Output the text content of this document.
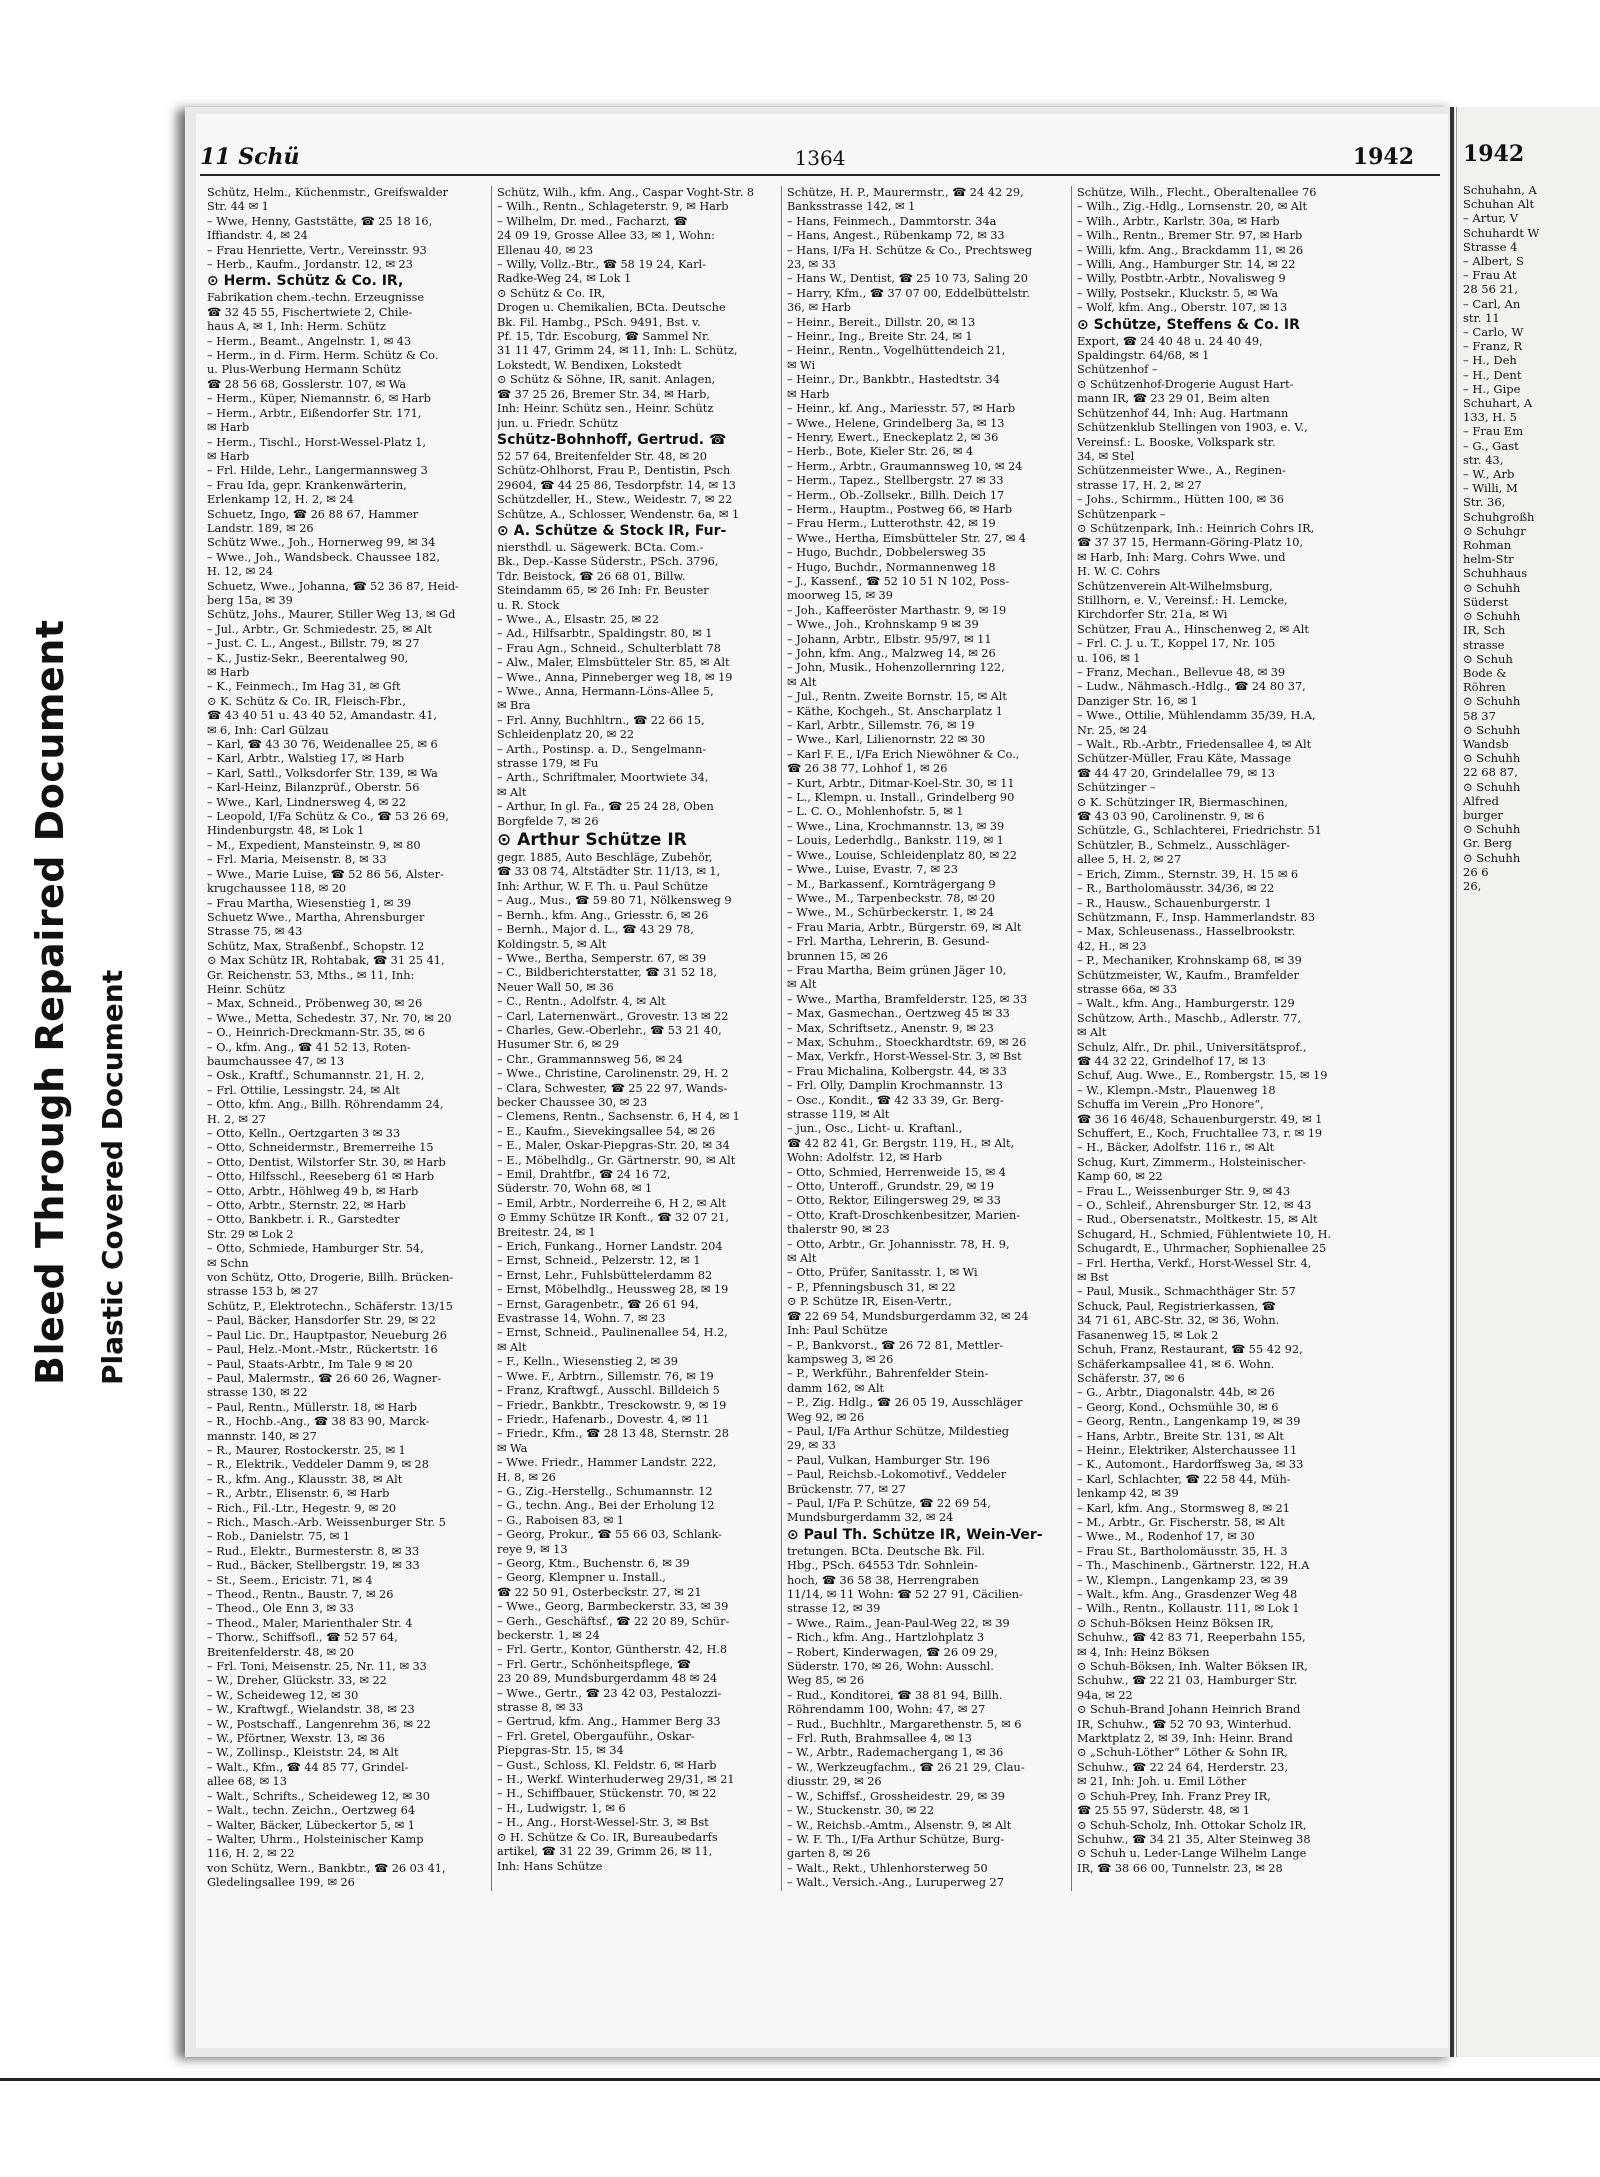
Bleed Through Repaired Document Plastic Covered Document
11 Schü	1364	1942
Schütz, Helm., Küchenmstr., Greifswalder
Str. 44 ✉ 1
– Wwe, Henny, Gaststätte, ☎ 25 18 16,
Iffiandstr. 4, ✉ 24
– Frau Henriette, Vertr., Vereinsstr. 93
– Herb., Kaufm., Jordanstr. 12, ✉ 23
⊙ Herm. Schütz & Co. IR,
Fabrikation chem.-techn. Erzeugnisse
☎ 32 45 55, Fischertwiete 2, Chile-
haus A, ✉ 1, Inh: Herm. Schütz
– Herm., Beamt., Angelnstr. 1, ✉ 43
– Herm., in d. Firm. Herm. Schütz & Co.
u. Plus-Werbung Hermann Schütz
☎ 28 56 68, Gosslerstr. 107, ✉ Wa
– Herm., Küper, Niemannstr. 6, ✉ Harb
– Herm., Arbtr., Eißendorfer Str. 171,
✉ Harb
– Herm., Tischl., Horst-Wessel-Platz 1,
✉ Harb
– Frl. Hilde, Lehr., Langermannsweg 3
– Frau Ida, gepr. Krankenwärterin,
Erlenkamp 12, H. 2, ✉ 24
Schuetz, Ingo, ☎ 26 88 67, Hammer
Landstr. 189, ✉ 26
Schütz Wwe., Joh., Hornerweg 99, ✉ 34
– Wwe., Joh., Wandsbeck. Chaussee 182,
H. 12, ✉ 24
Schuetz, Wwe., Johanna, ☎ 52 36 87, Heid-
berg 15a, ✉ 39
Schütz, Johs., Maurer, Stiller Weg 13, ✉ Gd
– Jul., Arbtr., Gr. Schmiedestr. 25, ✉ Alt
– Just. C. L., Angest., Billstr. 79, ✉ 27
– K., Justiz-Sekr., Beerentalweg 90,
✉ Harb
– K., Feinmech., Im Hag 31, ✉ Gft
⊙ K. Schütz & Co. IR, Fleisch-Fbr.,
☎ 43 40 51 u. 43 40 52, Amandastr. 41,
✉ 6, Inh: Carl Gülzau
– Karl, ☎ 43 30 76, Weidenallee 25, ✉ 6
– Karl, Arbtr., Walstieg 17, ✉ Harb
– Karl, Sattl., Volksdorfer Str. 139, ✉ Wa
– Karl-Heinz, Bilanzprüf., Oberstr. 56
– Wwe., Karl, Lindnersweg 4, ✉ 22
– Leopold, I/Fa Schütz & Co., ☎ 53 26 69,
Hindenburgstr. 48, ✉ Lok 1
– M., Expedient, Mansteinstr. 9, ✉ 80
– Frl. Maria, Meisenstr. 8, ✉ 33
– Wwe., Marie Luise, ☎ 52 86 56, Alster-
krugchaussee 118, ✉ 20
– Frau Martha, Wiesenstieg 1, ✉ 39
Schuetz Wwe., Martha, Ahrensburger
Strasse 75, ✉ 43
Schütz, Max, Straßenbf., Schopstr. 12
⊙ Max Schütz IR, Rohtabak, ☎ 31 25 41,
Gr. Reichenstr. 53, Mths., ✉ 11, Inh:
Heinr. Schütz
– Max, Schneid., Pröbenweg 30, ✉ 26
– Wwe., Metta, Schedestr. 37, Nr. 70, ✉ 20
– O., Heinrich-Dreckmann-Str. 35, ✉ 6
– O., kfm. Ang., ☎ 41 52 13, Roten-
baumchaussee 47, ✉ 13
– Osk., Kraftf., Schumannstr. 21, H. 2,
– Frl. Ottilie, Lessingstr. 24, ✉ Alt
– Otto, kfm. Ang., Billh. Röhrendamm 24,
H. 2, ✉ 27
– Otto, Kelln., Oertzgarten 3 ✉ 33
– Otto, Schneidermstr., Bremerreihe 15
– Otto, Dentist, Wilstorfer Str. 30, ✉ Harb
– Otto, Hilfsschl., Reeseberg 61 ✉ Harb
– Otto, Arbtr., Höhlweg 49 b, ✉ Harb
– Otto, Arbtr., Sternstr. 22, ✉ Harb
– Otto, Bankbetr. i. R., Garstedter
Str. 29 ✉ Lok 2
– Otto, Schmiede, Hamburger Str. 54,
✉ Schn
von Schütz, Otto, Drogerie, Billh. Brücken-
strasse 153 b, ✉ 27
Schütz, P., Elektrotechn., Schäferstr. 13/15
– Paul, Bäcker, Hansdorfer Str. 29, ✉ 22
– Paul Lic. Dr., Hauptpastor, Neueburg 26
– Paul, Helz.-Mont.-Mstr., Rückertstr. 16
– Paul, Staats-Arbtr., Im Tale 9 ✉ 20
– Paul, Malermstr., ☎ 26 60 26, Wagner-
strasse 130, ✉ 22
– Paul, Rentn., Müllerstr. 18, ✉ Harb
– R., Hochb.-Ang., ☎ 38 83 90, Marck-
mannstr. 140, ✉ 27
– R., Maurer, Rostockerstr. 25, ✉ 1
– R., Elektrik., Veddeler Damm 9, ✉ 28
– R., kfm. Ang., Klausstr. 38, ✉ Alt
– R., Arbtr., Elisenstr. 6, ✉ Harb
– Rich., Fil.-Ltr., Hegestr. 9, ✉ 20
– Rich., Masch.-Arb. Weissenburger Str. 5
– Rob., Danielstr. 75, ✉ 1
– Rud., Elektr., Burmesterstr. 8, ✉ 33
– Rud., Bäcker, Stellbergstr. 19, ✉ 33
– St., Seem., Ericistr. 71, ✉ 4
– Theod., Rentn., Baustr. 7, ✉ 26
– Theod., Ole Enn 3, ✉ 33
– Theod., Maler, Marienthaler Str. 4
– Thorw., Schiffsofl., ☎ 52 57 64,
Breitenfelderstr. 48, ✉ 20
– Frl. Toni, Meisenstr. 25, Nr. 11, ✉ 33
– W., Dreher, Glückstr. 33, ✉ 22
– W., Scheideweg 12, ✉ 30
– W., Kraftwgf., Wielandstr. 38, ✉ 23
– W., Postschaff., Langenrehm 36, ✉ 22
– W., Pförtner, Wexstr. 13, ✉ 36
– W., Zollinsp., Kleiststr. 24, ✉ Alt
– Walt., Kfm., ☎ 44 85 77, Grindel-
allee 68, ✉ 13
– Walt., Schrifts., Scheideweg 12, ✉ 30
– Walt., techn. Zeichn., Oertzweg 64
– Walter, Bäcker, Lübeckertor 5, ✉ 1
– Walter, Uhrm., Holsteinischer Kamp
116, H. 2, ✉ 22
von Schütz, Wern., Bankbtr., ☎ 26 03 41,
Gledelingsallee 199, ✉ 26
Schütz, Wilh., kfm. Ang., Caspar Voght-Str. 8
– Wilh., Rentn., Schlageterstr. 9, ✉ Harb
– Wilhelm, Dr. med., Facharzt, ☎
24 09 19, Grosse Allee 33, ✉ 1, Wohn:
Ellenau 40, ✉ 23
– Willy, Vollz.-Btr., ☎ 58 19 24, Karl-
Radke-Weg 24, ✉ Lok 1
⊙ Schütz & Co. IR,
Drogen u. Chemikalien, BCta. Deutsche
Bk. Fil. Hambg., PSch. 9491, Bst. v.
Pf. 15, Tdr. Escoburg, ☎ Sammel Nr.
31 11 47, Grimm 24, ✉ 11, Inh: L. Schütz,
Lokstedt, W. Bendixen, Lokstedt
⊙ Schütz & Söhne, IR, sanit. Anlagen,
☎ 37 25 26, Bremer Str. 34, ✉ Harb,
Inh: Heinr. Schütz sen., Heinr. Schütz
jun. u. Friedr. Schütz
Schütz-Bohnhoff, Gertrud. ☎
52 57 64, Breitenfelder Str. 48, ✉ 20
Schütz-Ohlhorst, Frau P., Dentistin, Psch
29604, ☎ 44 25 86, Tesdorpfstr. 14, ✉ 13
Schützdeller, H., Stew., Weidestr. 7, ✉ 22
Schütze, A., Schlosser, Wendenstr. 6a, ✉ 1
⊙ A. Schütze & Stock IR, Fur-
niersthdl. u. Sägewerk. BCta. Com.-
Bk., Dep.-Kasse Süderstr., PSch. 3796,
Tdr. Beistock, ☎ 26 68 01, Billw.
Steindamm 65, ✉ 26 Inh: Fr. Beuster
u. R. Stock
– Wwe., A., Elsastr. 25, ✉ 22
– Ad., Hilfsarbtr., Spaldingstr. 80, ✉ 1
– Frau Agn., Schneid., Schulterblatt 78
– Alw., Maler, Elmsbütteler Str. 85, ✉ Alt
– Wwe., Anna, Pinneberger weg 18, ✉ 19
– Wwe., Anna, Hermann-Löns-Allee 5,
✉ Bra
– Frl. Anny, Buchhltrn., ☎ 22 66 15,
Schleidenplatz 20, ✉ 22
– Arth., Postinsp. a. D., Sengelmann-
strasse 179, ✉ Fu
– Arth., Schriftmaler, Moortwiete 34,
✉ Alt
– Arthur, In gl. Fa., ☎ 25 24 28, Oben
Borgfelde 7, ✉ 26
⊙ Arthur Schütze IR
gegr. 1885, Auto Beschläge, Zubehör,
☎ 33 08 74, Altstädter Str. 11/13, ✉ 1,
Inh: Arthur, W. F. Th. u. Paul Schütze
– Aug., Mus., ☎ 59 80 71, Nölkensweg 9
– Bernh., kfm. Ang., Griesstr. 6, ✉ 26
– Bernh., Major d. L., ☎ 43 29 78,
Koldingstr. 5, ✉ Alt
– Wwe., Bertha, Semperstr. 67, ✉ 39
– C., Bildberichterstatter, ☎ 31 52 18,
Neuer Wall 50, ✉ 36
– C., Rentn., Adolfstr. 4, ✉ Alt
– Carl, Laternenwärt., Grovestr. 13 ✉ 22
– Charles, Gew.-Oberlehr., ☎ 53 21 40,
Husumer Str. 6, ✉ 29
– Chr., Grammannsweg 56, ✉ 24
– Wwe., Christine, Carolinenstr. 29, H. 2
– Clara, Schwester, ☎ 25 22 97, Wands-
becker Chaussee 30, ✉ 23
– Clemens, Rentn., Sachsenstr. 6, H 4, ✉ 1
– E., Kaufm., Sievekingsallee 54, ✉ 26
– E., Maler, Oskar-Piepgras-Str. 20, ✉ 34
– E., Möbelhdlg., Gr. Gärtnerstr. 90, ✉ Alt
– Emil, Drahtfbr., ☎ 24 16 72,
Süderstr. 70, Wohn 68, ✉ 1
– Emil, Arbtr., Norderreihe 6, H 2, ✉ Alt
⊙ Emmy Schütze IR Konft., ☎ 32 07 21,
Breitestr. 24, ✉ 1
– Erich, Funkang., Horner Landstr. 204
– Ernst, Schneid., Pelzerstr. 12, ✉ 1
– Ernst, Lehr., Fuhlsbüttelerdamm 82
– Ernst, Möbelhdlg., Heussweg 28, ✉ 19
– Ernst, Garagenbetr., ☎ 26 61 94,
Evastrasse 14, Wohn. 7, ✉ 23
– Ernst, Schneid., Paulinenallee 54, H.2,
✉ Alt
– F., Kelln., Wiesenstieg 2, ✉ 39
– Wwe. F., Arbtrn., Sillemstr. 76, ✉ 19
– Franz, Kraftwgf., Ausschl. Billdeich 5
– Friedr., Bankbtr., Tresckowstr. 9, ✉ 19
– Friedr., Hafenarb., Dovestr. 4, ✉ 11
– Friedr., Kfm., ☎ 28 13 48, Sternstr. 28
✉ Wa
– Wwe. Friedr., Hammer Landstr. 222,
H. 8, ✉ 26
– G., Zig.-Herstellg., Schumannstr. 12
– G., techn. Ang., Bei der Erholung 12
– G., Raboisen 83, ✉ 1
– Georg, Prokur., ☎ 55 66 03, Schlank-
reye 9, ✉ 13
– Georg, Ktm., Buchenstr. 6, ✉ 39
– Georg, Klempner u. Install.,
☎ 22 50 91, Osterbeckstr. 27, ✉ 21
– Wwe., Georg, Barmbeckerstr. 33, ✉ 39
– Gerh., Geschäftsf., ☎ 22 20 89, Schür-
beckerstr. 1, ✉ 24
– Frl. Gertr., Kontor, Güntherstr. 42, H.8
– Frl. Gertr., Schönheitspflege, ☎
23 20 89, Mundsburgerdamm 48 ✉ 24
– Wwe., Gertr., ☎ 23 42 03, Pestalozzi-
strasse 8, ✉ 33
– Gertrud, kfm. Ang., Hammer Berg 33
– Frl. Gretel, Obergauführ., Oskar-
Piepgras-Str. 15, ✉ 34
– Gust., Schloss, Kl. Feldstr. 6, ✉ Harb
– H., Werkf. Winterhuderweg 29/31, ✉ 21
– H., Schiffbauer, Stückenstr. 70, ✉ 22
– H., Ludwigstr. 1, ✉ 6
– H., Ang., Horst-Wessel-Str. 3, ✉ Bst
⊙ H. Schütze & Co. IR, Bureaubedarfs
artikel, ☎ 31 22 39, Grimm 26, ✉ 11,
Inh: Hans Schütze
Schütze, H. P., Maurermstr., ☎ 24 42 29,
Banksstrasse 142, ✉ 1
– Hans, Feinmech., Dammtorstr. 34a
– Hans, Angest., Rübenkamp 72, ✉ 33
– Hans, I/Fa H. Schütze & Co., Prechtsweg
23, ✉ 33
– Hans W., Dentist, ☎ 25 10 73, Saling 20
– Harry, Kfm., ☎ 37 07 00, Eddelbüttelstr.
36, ✉ Harb
– Heinr., Bereit., Dillstr. 20, ✉ 13
– Heinr., Ing., Breite Str. 24, ✉ 1
– Heinr., Rentn., Vogelhüttendeich 21,
✉ Wi
– Heinr., Dr., Bankbtr., Hastedtstr. 34
✉ Harb
– Heinr., kf. Ang., Mariesstr. 57, ✉ Harb
– Wwe., Helene, Grindelberg 3a, ✉ 13
– Henry, Ewert., Eneckeplatz 2, ✉ 36
– Herb., Bote, Kieler Str. 26, ✉ 4
– Herm., Arbtr., Graumannsweg 10, ✉ 24
– Herm., Tapez., Stellbergstr. 27 ✉ 33
– Herm., Ob.-Zollsekr., Billh. Deich 17
– Herm., Hauptm., Postweg 66, ✉ Harb
– Frau Herm., Lutterothstr. 42, ✉ 19
– Wwe., Hertha, Eimsbütteler Str. 27, ✉ 4
– Hugo, Buchdr., Dobbelersweg 35
– Hugo, Buchdr., Normannenweg 18
– J., Kassenf., ☎ 52 10 51 N 102, Poss-
moorweg 15, ✉ 39
– Joh., Kaffeeröster Marthastr. 9, ✉ 19
– Wwe., Joh., Krohnskamp 9 ✉ 39
– Johann, Arbtr., Elbstr. 95/97, ✉ 11
– John, kfm. Ang., Malzweg 14, ✉ 26
– John, Musik., Hohenzollernring 122,
✉ Alt
– Jul., Rentn. Zweite Bornstr. 15, ✉ Alt
– Käthe, Kochgeh., St. Anscharplatz 1
– Karl, Arbtr., Sillemstr. 76, ✉ 19
– Wwe., Karl, Lilienornstr. 22 ✉ 30
– Karl F. E., I/Fa Erich Niewöhner & Co.,
☎ 26 38 77, Lohhof 1, ✉ 26
– Kurt, Arbtr., Ditmar-Koel-Str. 30, ✉ 11
– L., Klempn. u. Install., Grindelberg 90
– L. C. O., Mohlenhofstr. 5, ✉ 1
– Wwe., Lina, Krochmannstr. 13, ✉ 39
– Louis, Lederhdlg., Bankstr. 119, ✉ 1
– Wwe., Louise, Schleidenplatz 80, ✉ 22
– Wwe., Luise, Evastr. 7, ✉ 23
– M., Barkassenf., Kornträgergang 9
– Wwe., M., Tarpenbeckstr. 78, ✉ 20
– Wwe., M., Schürbeckerstr. 1, ✉ 24
– Frau Maria, Arbtr., Bürgerstr. 69, ✉ Alt
– Frl. Martha, Lehrerin, B. Gesund-
brunnen 15, ✉ 26
– Frau Martha, Beim grünen Jäger 10,
✉ Alt
– Wwe., Martha, Bramfelderstr. 125, ✉ 33
– Max, Gasmechan., Oertzweg 45 ✉ 33
– Max, Schriftsetz., Anenstr. 9, ✉ 23
– Max, Schuhm., Stoeckhardtstr. 69, ✉ 26
– Max, Verkfr., Horst-Wessel-Str. 3, ✉ Bst
– Frau Michalina, Kolbergstr. 44, ✉ 33
– Frl. Olly, Damplin Krochmannstr. 13
– Osc., Kondit., ☎ 42 33 39, Gr. Berg-
strasse 119, ✉ Alt
– jun., Osc., Licht- u. Kraftanl.,
☎ 42 82 41, Gr. Bergstr. 119, H., ✉ Alt,
Wohn: Adolfstr. 12, ✉ Harb
– Otto, Schmied, Herrenweide 15, ✉ 4
– Otto, Unteroff., Grundstr. 29, ✉ 19
– Otto, Rektor, Eilingersweg 29, ✉ 33
– Otto, Kraft-Droschkenbesitzer, Marien-
thalerstr 90, ✉ 23
– Otto, Arbtr., Gr. Johannisstr. 78, H. 9,
✉ Alt
– Otto, Prüfer, Sanitasstr. 1, ✉ Wi
– P., Pfenningsbusch 31, ✉ 22
⊙ P. Schütze IR, Eisen-Vertr.,
☎ 22 69 54, Mundsburgerdamm 32, ✉ 24
Inh: Paul Schütze
– P., Bankvorst., ☎ 26 72 81, Mettler-
kampsweg 3, ✉ 26
– P., Werkführ., Bahrenfelder Stein-
damm 162, ✉ Alt
– P., Zig. Hdlg., ☎ 26 05 19, Ausschläger
Weg 92, ✉ 26
– Paul, I/Fa Arthur Schütze, Mildestieg
29, ✉ 33
– Paul, Vulkan, Hamburger Str. 196
– Paul, Reichsb.-Lokomotivf., Veddeler
Brückenstr. 77, ✉ 27
– Paul, I/Fa P. Schütze, ☎ 22 69 54,
Mundsburgerdamm 32, ✉ 24
⊙ Paul Th. Schütze IR, Wein-Ver-
tretungen. BCta. Deutsche Bk. Fil.
Hbg., PSch. 64553 Tdr. Sohnlein-
hoch, ☎ 36 58 38, Herrengraben
11/14, ✉ 11 Wohn: ☎ 52 27 91, Cäcilien-
strasse 12, ✉ 39
– Wwe., Raim., Jean-Paul-Weg 22, ✉ 39
– Rich., kfm. Ang., Hartzlohplatz 3
– Robert, Kinderwagen, ☎ 26 09 29,
Süderstr. 170, ✉ 26, Wohn: Ausschl.
Weg 85, ✉ 26
– Rud., Konditorei, ☎ 38 81 94, Billh.
Röhrendamm 100, Wohn: 47, ✉ 27
– Rud., Buchhltr., Margarethenstr. 5, ✉ 6
– Frl. Ruth, Brahmsallee 4, ✉ 13
– W., Arbtr., Rademachergang 1, ✉ 36
– W., Werkzeugfachm., ☎ 26 21 29, Clau-
diusstr. 29, ✉ 26
– W., Schiffsf., Grossheidestr. 29, ✉ 39
– W., Stuckenstr. 30, ✉ 22
– W., Reichsb.-Amtm., Alsenstr. 9, ✉ Alt
– W. F. Th., I/Fa Arthur Schütze, Burg-
garten 8, ✉ 26
– Walt., Rekt., Uhlenhorsterweg 50
– Walt., Versich.-Ang., Luruperweg 27
Schütze, Wilh., Flecht., Oberaltenallee 76
– Wilh., Zig.-Hdlg., Lornsenstr. 20, ✉ Alt
– Wilh., Arbtr., Karlstr. 30a, ✉ Harb
– Wilh., Rentn., Bremer Str. 97, ✉ Harb
– Willi, kfm. Ang., Brackdamm 11, ✉ 26
– Willi, Ang., Hamburger Str. 14, ✉ 22
– Willy, Postbtr.-Arbtr., Novalisweg 9
– Willy, Postsekr., Kluckstr. 5, ✉ Wa
– Wolf, kfm. Ang., Oberstr. 107, ✉ 13
⊙ Schütze, Steffens & Co. IR
Export, ☎ 24 40 48 u. 24 40 49,
Spaldingstr. 64/68, ✉ 1
Schützenhof –
⊙ Schützenhof-Drogerie August Hart-
mann IR, ☎ 23 29 01, Beim alten
Schützenhof 44, Inh: Aug. Hartmann
Schützenklub Stellingen von 1903, e. V.,
Vereinsf.: L. Booske, Volkspark str.
34, ✉ Stel
Schützenmeister Wwe., A., Reginen-
strasse 17, H. 2, ✉ 27
– Johs., Schirmm., Hütten 100, ✉ 36
Schützenpark –
⊙ Schützenpark, Inh.: Heinrich Cohrs IR,
☎ 37 37 15, Hermann-Göring-Platz 10,
✉ Harb, Inh: Marg. Cohrs Wwe. und
H. W. C. Cohrs
Schützenverein Alt-Wilhelmsburg,
Stillhorn, e. V., Vereinsf.: H. Lemcke,
Kirchdorfer Str. 21a, ✉ Wi
Schützer, Frau A., Hinschenweg 2, ✉ Alt
– Frl. C. J. u. T., Koppel 17, Nr. 105
u. 106, ✉ 1
– Franz, Mechan., Bellevue 48, ✉ 39
– Ludw., Nähmasch.-Hdlg., ☎ 24 80 37,
Danziger Str. 16, ✉ 1
– Wwe., Ottilie, Mühlendamm 35/39, H.A,
Nr. 25, ✉ 24
– Walt., Rb.-Arbtr., Friedensallee 4, ✉ Alt
Schützer-Müller, Frau Käte, Massage
☎ 44 47 20, Grindelallee 79, ✉ 13
Schützinger –
⊙ K. Schützinger IR, Biermaschinen,
☎ 43 03 90, Carolinenstr. 9, ✉ 6
Schützle, G., Schlachterei, Friedrichstr. 51
Schützler, B., Schmelz., Ausschläger-
allee 5, H. 2, ✉ 27
– Erich, Zimm., Sternstr. 39, H. 15 ✉ 6
– R., Bartholomäusstr. 34/36, ✉ 22
– R., Hausw., Schauenburgerstr. 1
Schützmann, F., Insp. Hammerlandstr. 83
– Max, Schleusenass., Hasselbrookstr.
42, H., ✉ 23
– P., Mechaniker, Krohnskamp 68, ✉ 39
Schützmeister, W., Kaufm., Bramfelder
strasse 66a, ✉ 33
– Walt., kfm. Ang., Hamburgerstr. 129
Schützow, Arth., Maschb., Adlerstr. 77,
✉ Alt
Schulz, Alfr., Dr. phil., Universitätsprof.,
☎ 44 32 22, Grindelhof 17, ✉ 13
Schuf, Aug. Wwe., E., Rombergstr. 15, ✉ 19
– W., Klempn.-Mstr., Plauenweg 18
Schuffa im Verein „Pro Honore“,
☎ 36 16 46/48, Schauenburgerstr. 49, ✉ 1
Schuffert, E., Koch, Fruchtallee 73, r. ✉ 19
– H., Bäcker, Adolfstr. 116 r., ✉ Alt
Schug, Kurt, Zimmerm., Holsteinischer-
Kamp 60, ✉ 22
– Frau L., Weissenburger Str. 9, ✉ 43
– O., Schleif., Ahrensburger Str. 12, ✉ 43
– Rud., Obersenatstr., Moltkestr. 15, ✉ Alt
Schugard, H., Schmied, Fühlentwiete 10, H.
Schugardt, E., Uhrmacher, Sophienallee 25
– Frl. Hertha, Verkf., Horst-Wessel Str. 4,
✉ Bst
– Paul, Musik., Schmachthäger Str. 57
Schuck, Paul, Registrierkassen, ☎
34 71 61, ABC-Str. 32, ✉ 36, Wohn.
Fasanenweg 15, ✉ Lok 2
Schuh, Franz, Restaurant, ☎ 55 42 92,
Schäferkampsallee 41, ✉ 6. Wohn.
Schäferstr. 37, ✉ 6
– G., Arbtr., Diagonalstr. 44b, ✉ 26
– Georg, Kond., Ochsmühle 30, ✉ 6
– Georg, Rentn., Langenkamp 19, ✉ 39
– Hans, Arbtr., Breite Str. 131, ✉ Alt
– Heinr., Elektriker, Alsterchaussee 11
– K., Automont., Hardorffsweg 3a, ✉ 33
– Karl, Schlachter, ☎ 22 58 44, Müh-
lenkamp 42, ✉ 39
– Karl, kfm. Ang., Stormsweg 8, ✉ 21
– M., Arbtr., Gr. Fischerstr. 58, ✉ Alt
– Wwe., M., Rodenhof 17, ✉ 30
– Frau St., Bartholomäusstr. 35, H. 3
– Th., Maschinenb., Gärtnerstr. 122, H.A
– W., Klempn., Langenkamp 23, ✉ 39
– Walt., kfm. Ang., Grasdenzer Weg 48
– Wilh., Rentn., Kollaustr. 111, ✉ Lok 1
⊙ Schuh-Böksen Heinz Böksen IR,
Schuhw., ☎ 42 83 71, Reeperbahn 155,
✉ 4, Inh: Heinz Böksen
⊙ Schuh-Böksen, Inh. Walter Böksen IR,
Schuhw., ☎ 22 21 03, Hamburger Str.
94a, ✉ 22
⊙ Schuh-Brand Johann Heinrich Brand
IR, Schuhw., ☎ 52 70 93, Winterhud.
Marktplatz 2, ✉ 39, Inh: Heinr. Brand
⊙ „Schuh-Löther“ Löther & Sohn IR,
Schuhw., ☎ 22 24 64, Herderstr. 23,
✉ 21, Inh: Joh. u. Emil Löther
⊙ Schuh-Prey, Inh. Franz Prey IR,
☎ 25 55 97, Süderstr. 48, ✉ 1
⊙ Schuh-Scholz, Inh. Ottokar Scholz IR,
Schuhw., ☎ 34 21 35, Alter Steinweg 38
⊙ Schuh u. Leder-Lange Wilhelm Lange
IR, ☎ 38 66 00, Tunnelstr. 23, ✉ 28
1942
Schuhahn, A
Schuhan Alt
– Artur, V
Schuhardt W
Strasse 4
– Albert, S
– Frau At
28 56 21,
– Carl, An
str. 11
– Carlo, W
– Franz, R
– H., Deh
– H., Dent
– H., Gipe
Schuhart, A
133, H. 5
– Frau Em
– G., Gast
str. 43,
– W., Arb
– Willi, M
Str. 36,
Schuhgroßh
⊙ Schuhgr
Rohman
helm-Str
Schuhhaus
⊙ Schuhh
Süderst
⊙ Schuhh
IR, Sch
strasse
⊙ Schuh
Bode &
Röhren
⊙ Schuhh
58 37
⊙ Schuhh
Wandsb
⊙ Schuhh
22 68 87,
⊙ Schuhh
Alfred
burger
⊙ Schuhh
Gr. Berg
⊙ Schuhh
26 6
26,
